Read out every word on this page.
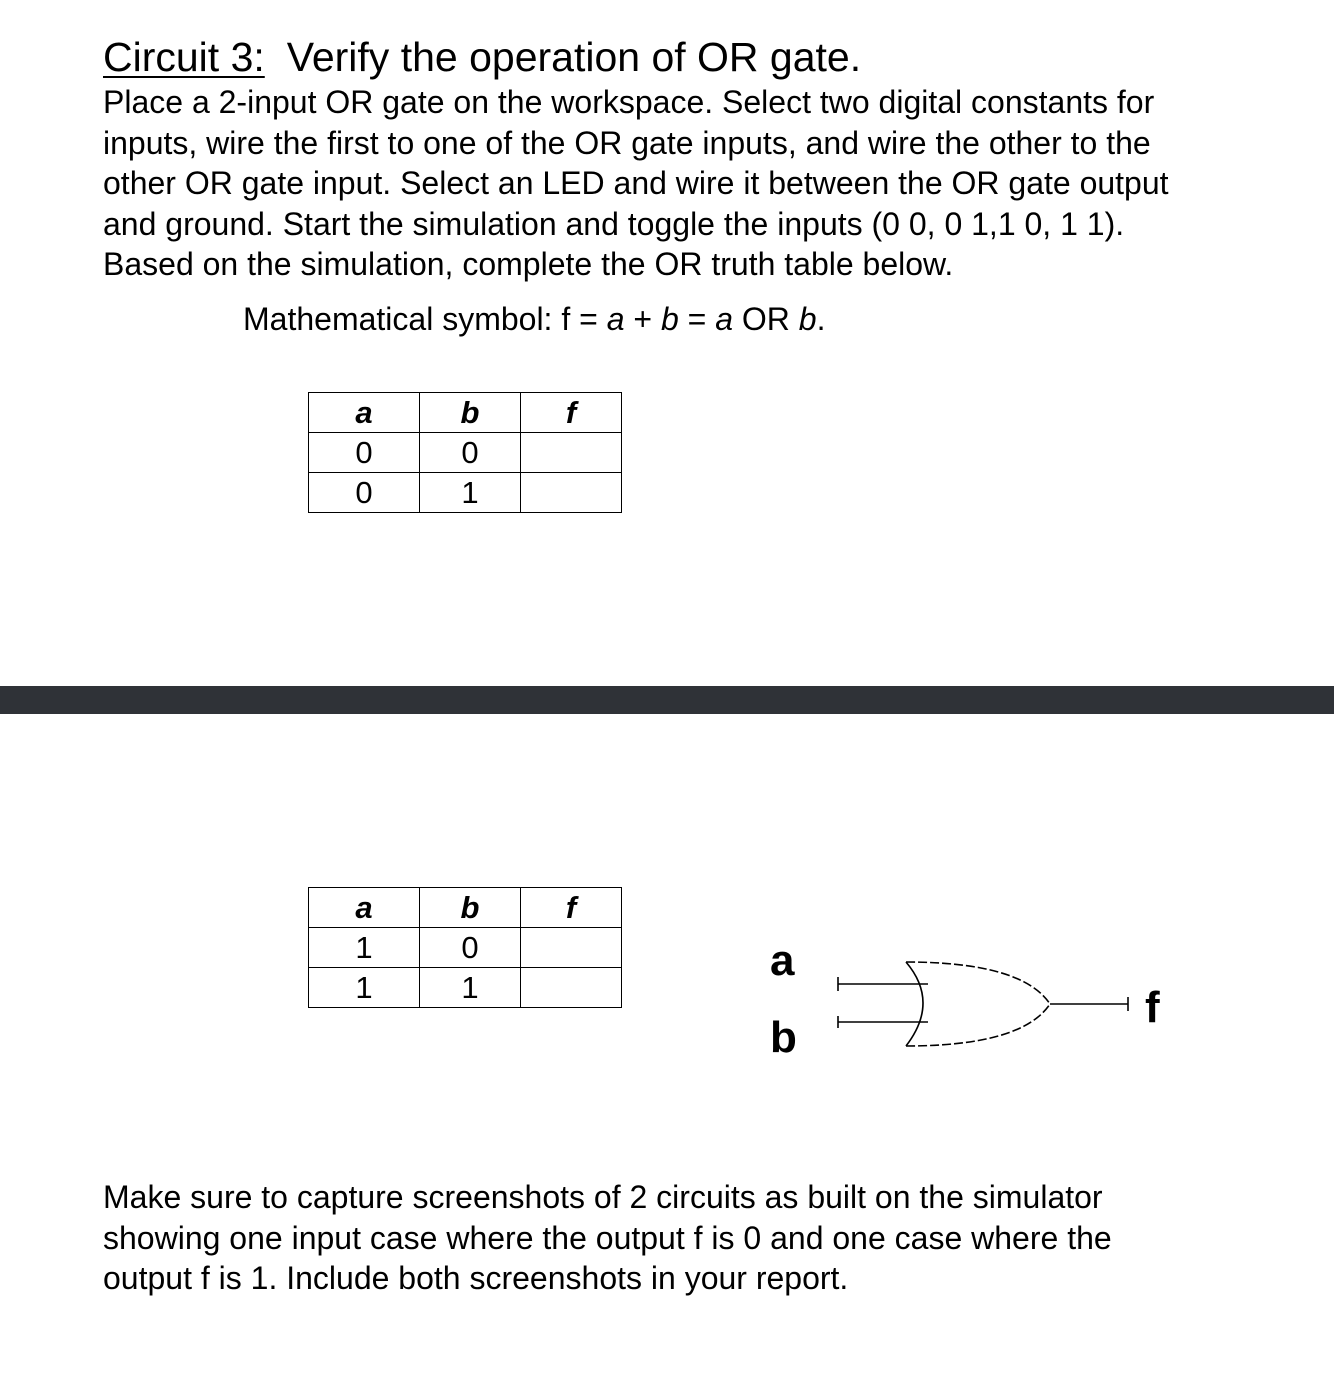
Circuit 3: Verify the operation of OR gate.
Place a 2-input OR gate on the workspace. Select two digital constants for
inputs, wire the first to one of the OR gate inputs, and wire the other to the
other OR gate input. Select an LED and wire it between the OR gate output
and ground. Start the simulation and toggle the inputs (0 0, 0 1,1 0, 1 1).
Based on the simulation, complete the OR truth table below.
Mathematical symbol: f = a + b = a OR b.
a	b	f
0	0	
0	1	
a	b	f
1	0	
1	1	
a
b
f
Make sure to capture screenshots of 2 circuits as built on the simulator
showing one input case where the output f is 0 and one case where the
output f is 1. Include both screenshots in your report.
